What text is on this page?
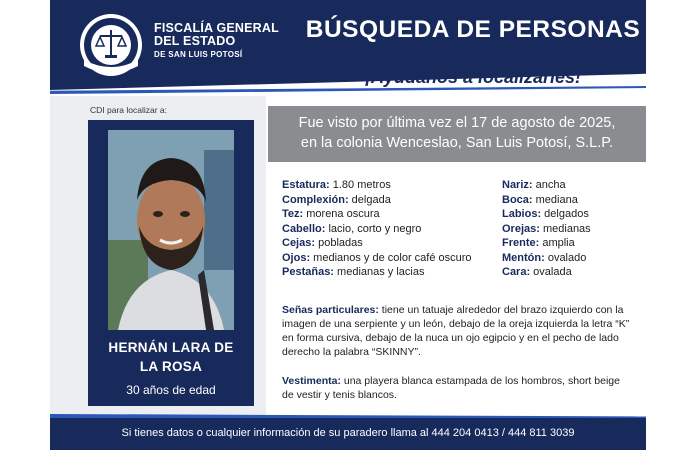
FISCALÍA GENERAL
DEL ESTADO
DE SAN LUIS POTOSÍ
BÚSQUEDA DE PERSONAS
¡Ayúdanos a localizarles!
CDI para localizar a:
HERNÁN LARA DE
LA ROSA
30 años de edad
Fue visto por última vez el 17 de agosto de 2025,
en la colonia Wenceslao, San Luis Potosí, S.L.P.
Estatura: 1.80 metros
Complexión: delgada
Tez: morena oscura
Cabello: lacio, corto y negro
Cejas: pobladas
Ojos: medianos y de color café oscuro
Pestañas: medianas y lacias
Nariz: ancha
Boca: mediana
Labios: delgados
Orejas: medianas
Frente: amplia
Mentón: ovalado
Cara: ovalada
Señas particulares: tiene un tatuaje alrededor del brazo izquierdo con la imagen de una serpiente y un león, debajo de la oreja izquierda la letra “K” en forma cursiva, debajo de la nuca un ojo egipcio y en el pecho de lado derecho la palabra “SKINNY”.
Vestimenta: una playera blanca estampada de los hombros, short beige de vestir y tenis blancos.
Si tienes datos o cualquier información de su paradero llama al 444 204 0413 / 444 811 3039
